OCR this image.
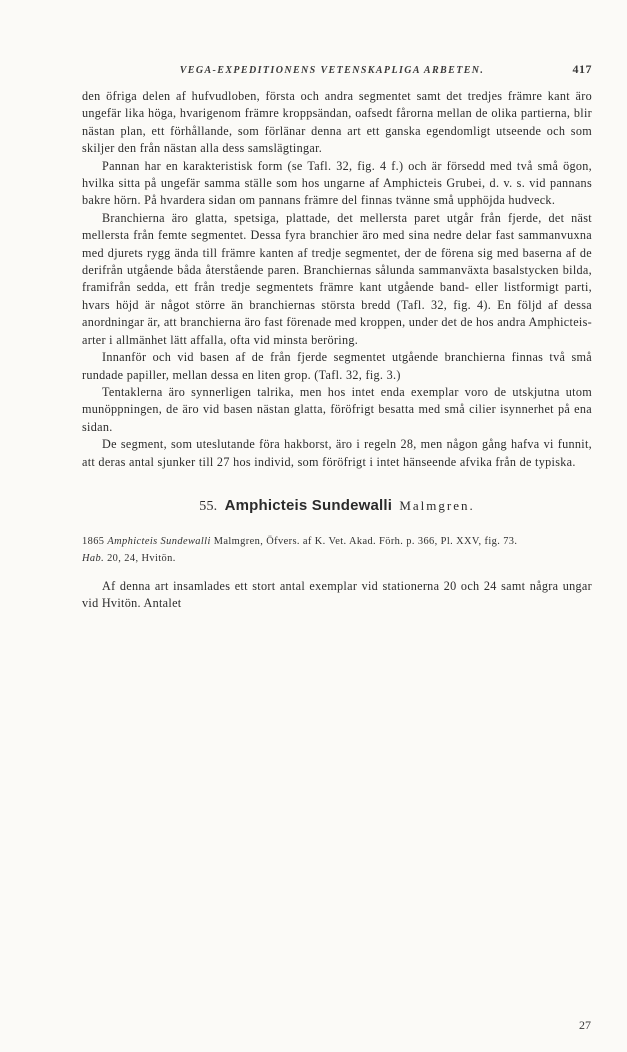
VEGA-EXPEDITIONENS VETENSKAPLIGA ARBETEN.	417

den öfriga delen af hufvudloben, första och andra segmentet samt det tredjes främre kant äro ungefär lika höga, hvarigenom främre kroppsändan, oafsedt fårorna mellan de olika partierna, blir nästan plan, ett förhållande, som förlänar denna art ett ganska egendomligt utseende och som skiljer den från nästan alla dess samslägtingar.

Pannan har en karakteristisk form (se Tafl. 32, fig. 4 f.) och är försedd med två små ögon, hvilka sitta på ungefär samma ställe som hos ungarne af Amphicteis Grubei, d. v. s. vid pannans bakre hörn. På hvardera sidan om pannans främre del finnas tvänne små upphöjda hudveck.

Branchierna äro glatta, spetsiga, plattade, det mellersta paret utgår från fjerde, det näst mellersta från femte segmentet. Dessa fyra branchier äro med sina nedre delar fast sammanvuxna med djurets rygg ända till främre kanten af tredje segmentet, der de förena sig med baserna af de derifrån utgående båda återstående paren. Branchiernas sålunda sammanväxta basalstycken bilda, framifrån sedda, ett från tredje segmentets främre kant utgående band- eller listformigt parti, hvars höjd är något större än branchiernas största bredd (Tafl. 32, fig. 4). En följd af dessa anordningar är, att branchierna äro fast förenade med kroppen, under det de hos andra Amphicteis-arter i allmänhet lätt affalla, ofta vid minsta beröring.

Innanför och vid basen af de från fjerde segmentet utgående branchierna finnas två små rundade papiller, mellan dessa en liten grop. (Tafl. 32, fig. 3.)

Tentaklerna äro synnerligen talrika, men hos intet enda exemplar voro de utskjutna utom munöppningen, de äro vid basen nästan glatta, föröfrigt besatta med små cilier isynnerhet på ena sidan.

De segment, som uteslutande föra hakborst, äro i regeln 28, men någon gång hafva vi funnit, att deras antal sjunker till 27 hos individ, som föröfrigt i intet hänseende afvika från de typiska.

55. Amphicteis Sundewalli Malmgren.
1865 Amphicteis Sundewalli Malmgren, Öfvers. af K. Vet. Akad. Förh. p. 366, Pl. XXV, fig. 73.
Hab. 20, 24, Hvitön.

Af denna art insamlades ett stort antal exemplar vid stationerna 20 och 24 samt några ungar vid Hvitön. Antalet

27
